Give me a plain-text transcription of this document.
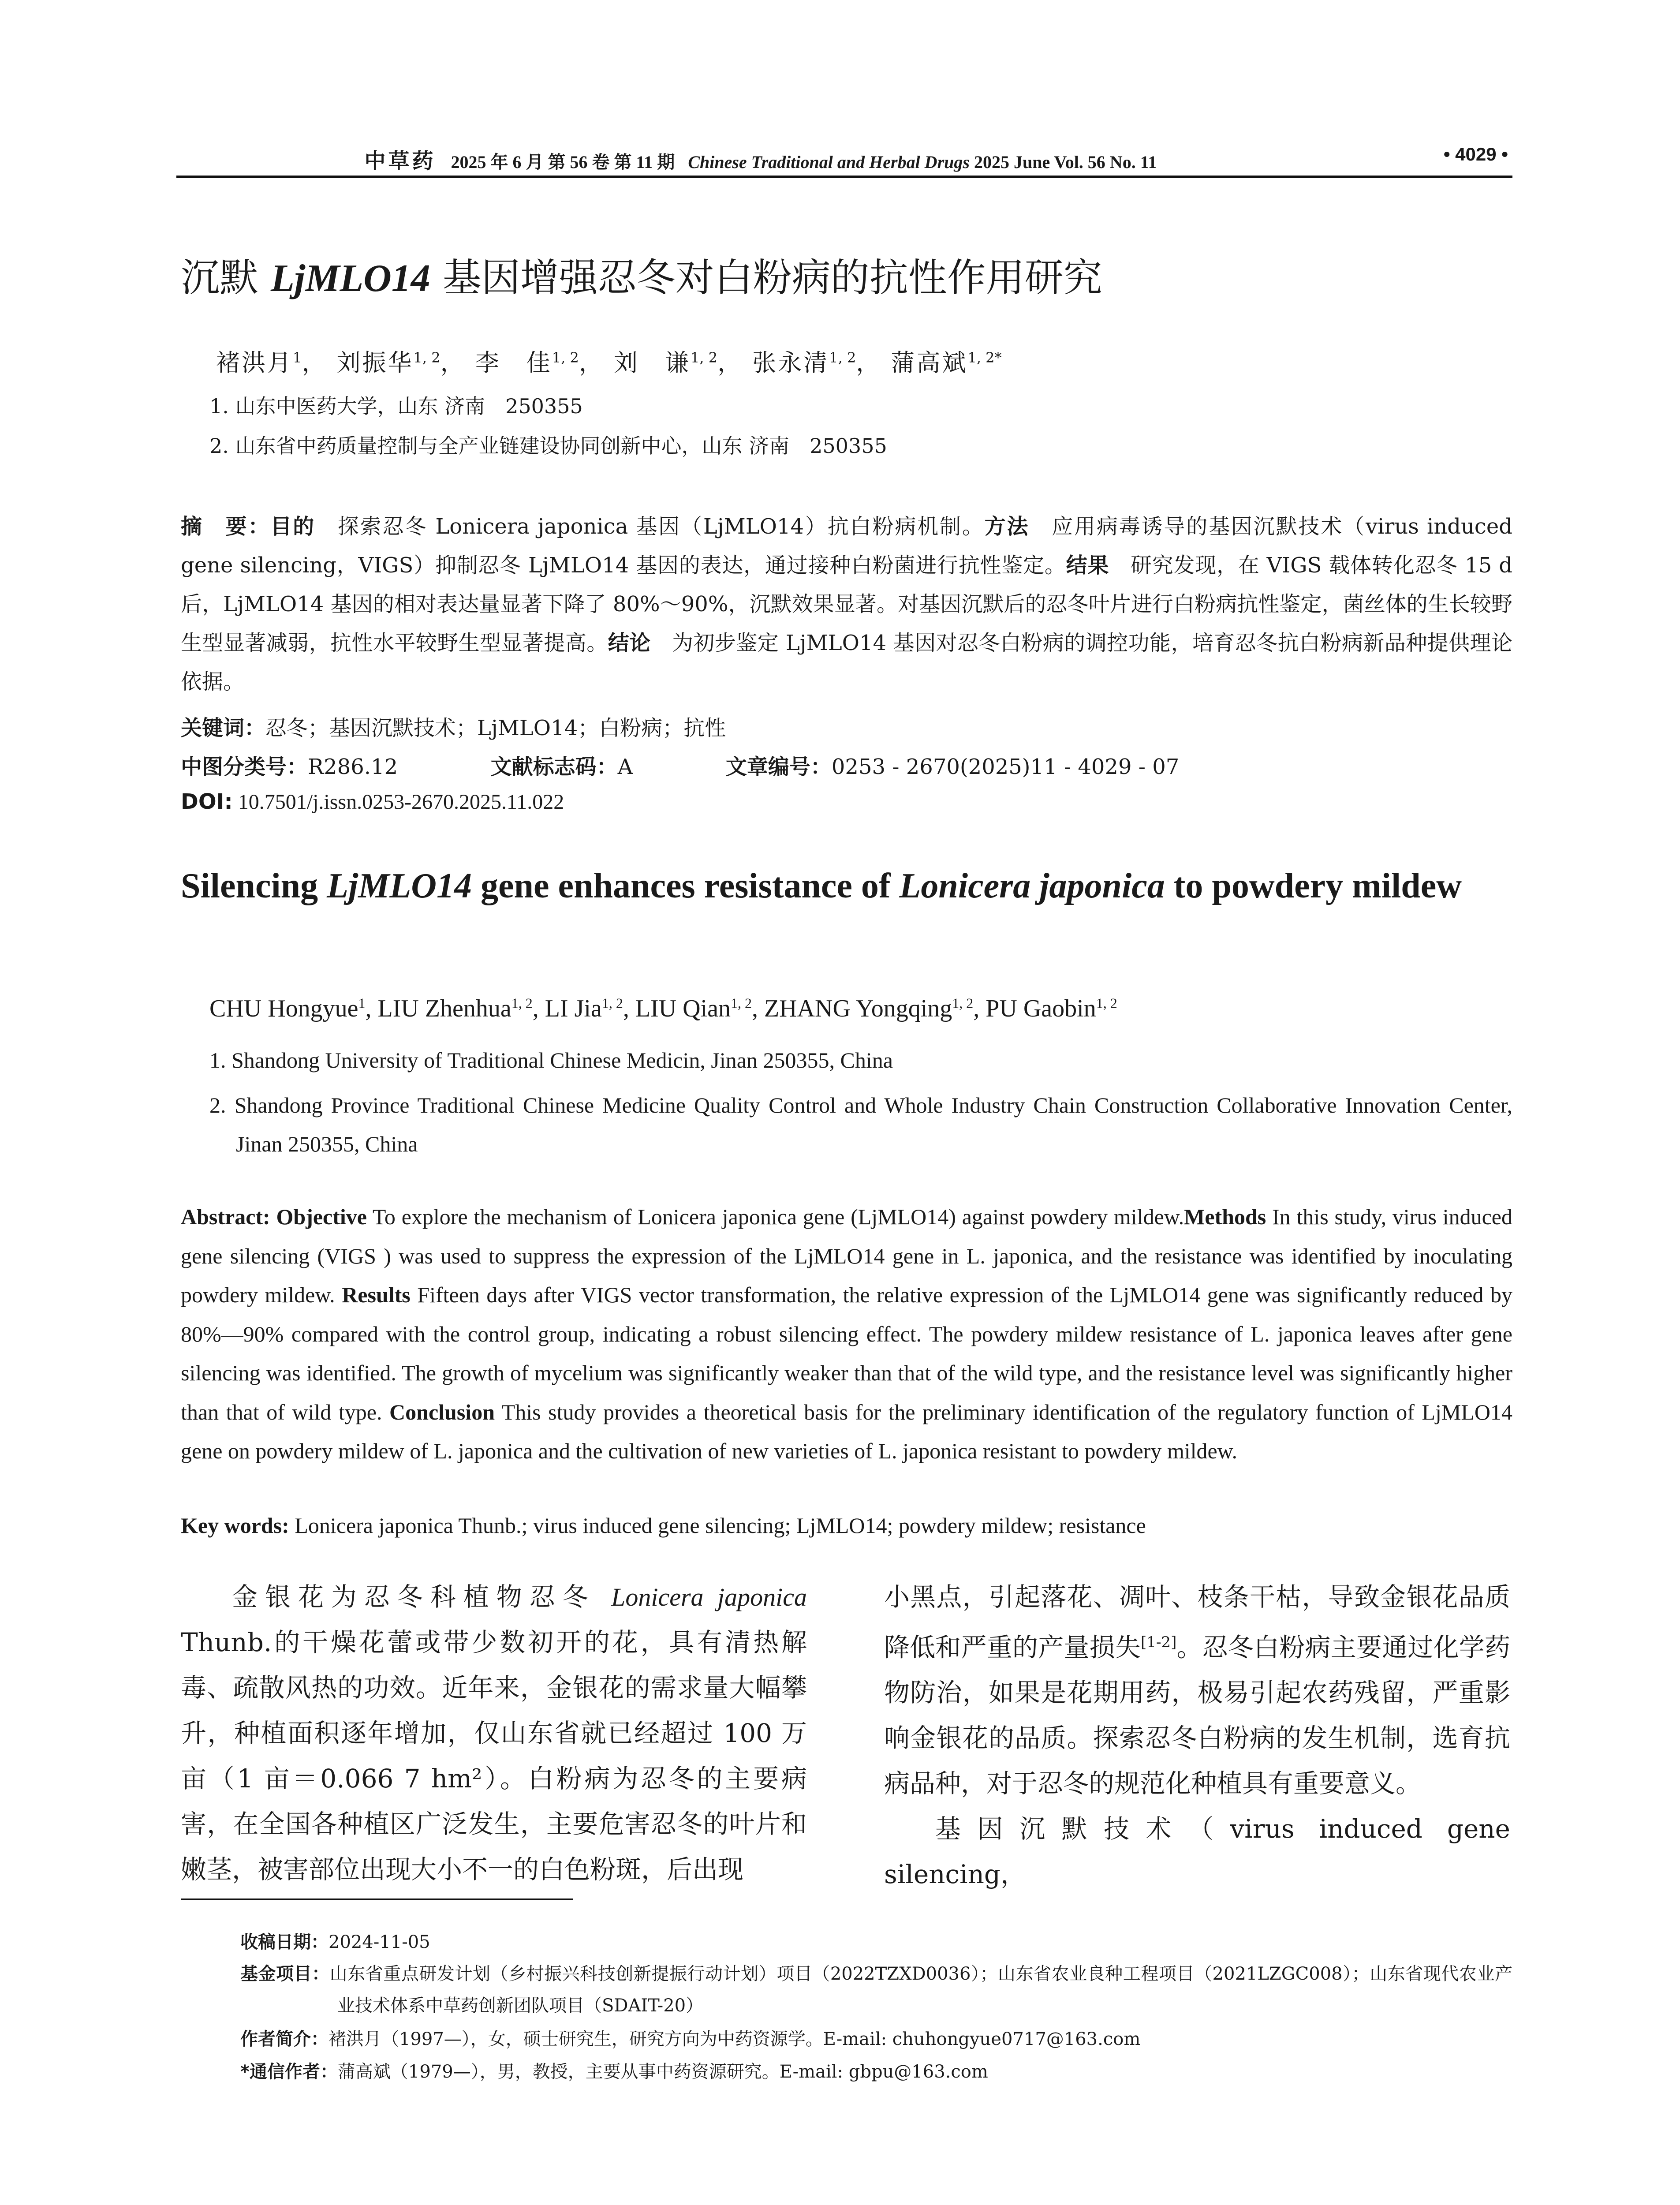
中草药 2025 年 6 月 第 56 卷 第 11 期 Chinese Traditional and Herbal Drugs 2025 June Vol. 56 No. 11	• 4029 •
沉默 LjMLO14 基因增强忍冬对白粉病的抗性作用研究
褚洪月$^1$， 刘振华$^{1, 2}$， 李　佳$^{1, 2}$， 刘　谦$^{1, 2}$， 张永清$^{1, 2}$， 蒲高斌$^{1, 2*}$
1. 山东中医药大学，山东 济南　250355
2. 山东省中药质量控制与全产业链建设协同创新中心，山东 济南　250355
摘　要：目的　探索忍冬 Lonicera japonica 基因（LjMLO14）抗白粉病机制。方法　应用病毒诱导的基因沉默技术（virus induced gene silencing，VIGS）抑制忍冬 LjMLO14 基因的表达，通过接种白粉菌进行抗性鉴定。结果　研究发现，在 VIGS 载体转化忍冬 15 d 后，LjMLO14 基因的相对表达量显著下降了 80%～90%，沉默效果显著。对基因沉默后的忍冬叶片进行白粉病抗性鉴定，菌丝体的生长较野生型显著减弱，抗性水平较野生型显著提高。结论　为初步鉴定 LjMLO14 基因对忍冬白粉病的调控功能，培育忍冬抗白粉病新品种提供理论依据。
关键词：忍冬；基因沉默技术；LjMLO14；白粉病；抗性
中图分类号：R286.12	文献标志码：A	文章编号：0253 - 2670(2025)11 - 4029 - 07
DOI: 10.7501/j.issn.0253-2670.2025.11.022
Silencing LjMLO14 gene enhances resistance of Lonicera japonica to powdery mildew
CHU Hongyue$^1$, LIU Zhenhua$^{1, 2}$, LI Jia$^{1, 2}$, LIU Qian$^{1, 2}$, ZHANG Yongqing$^{1, 2}$, PU Gaobin$^{1, 2}$
1. Shandong University of Traditional Chinese Medicin, Jinan 250355, China
2. Shandong Province Traditional Chinese Medicine Quality Control and Whole Industry Chain Construction Collaborative Innovation Center, Jinan 250355, China
Abstract: Objective To explore the mechanism of Lonicera japonica gene (LjMLO14) against powdery mildew.Methods In this study, virus induced gene silencing (VIGS ) was used to suppress the expression of the LjMLO14 gene in L. japonica, and the resistance was identified by inoculating powdery mildew. Results Fifteen days after VIGS vector transformation, the relative expression of the LjMLO14 gene was significantly reduced by 80%—90% compared with the control group, indicating a robust silencing effect. The powdery mildew resistance of L. japonica leaves after gene silencing was identified. The growth of mycelium was significantly weaker than that of the wild type, and the resistance level was significantly higher than that of wild type. Conclusion This study provides a theoretical basis for the preliminary identification of the regulatory function of LjMLO14 gene on powdery mildew of L. japonica and the cultivation of new varieties of L. japonica resistant to powdery mildew.
Key words: Lonicera japonica Thunb.; virus induced gene silencing; LjMLO14; powdery mildew; resistance

金银花为忍冬科植物忍冬 Lonicera japonica Thunb.的干燥花蕾或带少数初开的花，具有清热解毒、疏散风热的功效。近年来，金银花的需求量大幅攀升，种植面积逐年增加，仅山东省就已经超过 100 万亩（1 亩＝0.066 7 hm²）。白粉病为忍冬的主要病害，在全国各种植区广泛发生，主要危害忍冬的叶片和嫩茎，被害部位出现大小不一的白色粉斑，后出现

小黑点，引起落花、凋叶、枝条干枯，导致金银花品质降低和严重的产量损失[1-2]。忍冬白粉病主要通过化学药物防治，如果是花期用药，极易引起农药残留，严重影响金银花的品质。探索忍冬白粉病的发生机制，选育抗病品种，对于忍冬的规范化种植具有重要意义。

基因沉默技术（virus induced gene silencing，

收稿日期：2024-11-05
基金项目：山东省重点研发计划（乡村振兴科技创新提振行动计划）项目（2022TZXD0036）；山东省农业良种工程项目（2021LZGC008）；山东省现代农业产业技术体系中草药创新团队项目（SDAIT-20）
作者简介：褚洪月（1997—），女，硕士研究生，研究方向为中药资源学。E-mail: chuhongyue0717@163.com
*通信作者：蒲高斌（1979—），男，教授，主要从事中药资源研究。E-mail: gbpu@163.com
